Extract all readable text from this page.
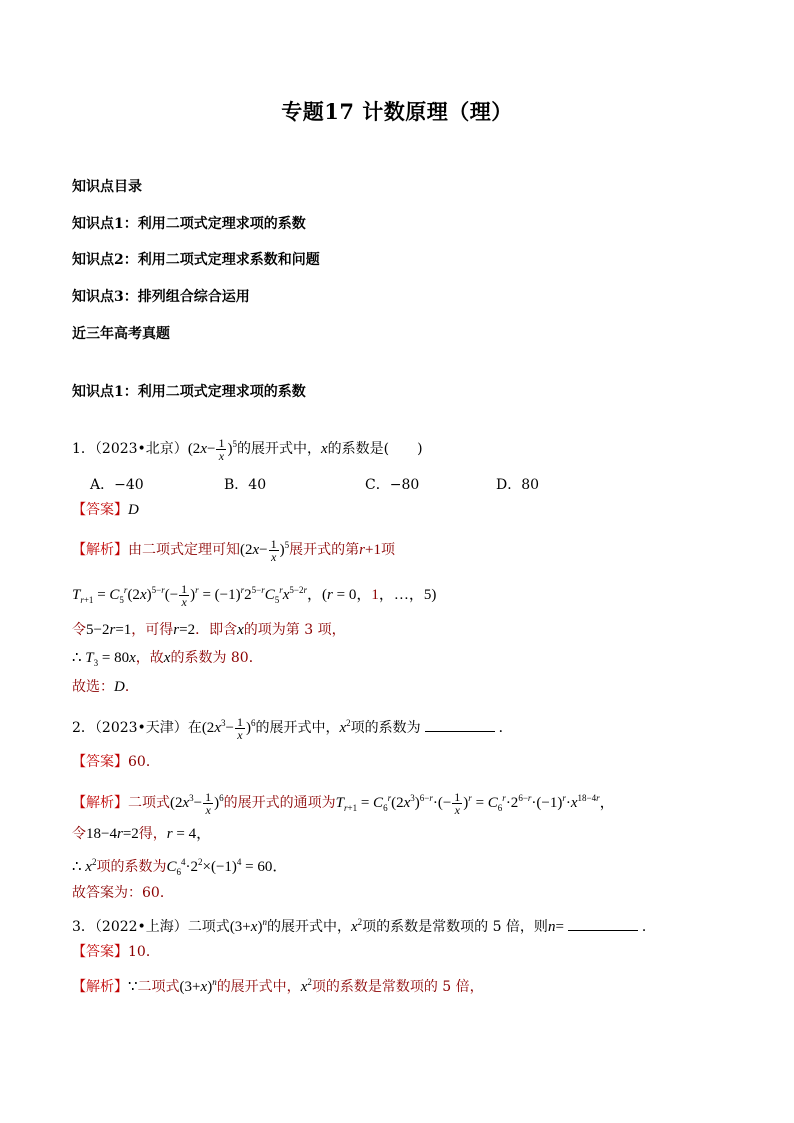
专题17 计数原理（理）
知识点目录
知识点1：利用二项式定理求项的系数
知识点2：利用二项式定理求系数和问题
知识点3：排列组合综合运用
近三年高考真题
知识点1：利用二项式定理求项的系数
1．（2023•北京）$(2x- \frac{1}{x} )^5$的展开式中，x的系数是(　　)
A．−40	B．40	C．−80	D．80
【答案】D
【解析】由二项式定理可知$(2x- \frac{1}{x} )^5$展开式的第r+1项
$T_{r+1} = C_5^r(2x)^{5-r}(- \frac{1}{x} )^r = (-1)^r2^{5-r}C_5^rx^{5-2r}$，(r = 0，1，…，5)
令5−2r=1，可得r=2．即含x的项为第 3 项，
∴ $T_3 = 80x$，故x的系数为 80．
故选：D．
2．（2023•天津）在$(2x^3- \frac{1}{x} )^6$的展开式中，$x^2$项的系数为	．
【答案】60．
【解析】二项式$(2x^3- \frac{1}{x} )^6$的展开式的通项为$T_{r+1} = C_6^r(2x^3)^{6-r}\cdot(- \frac{1}{x} )^r = C_6^r\cdot 2^{6-r}\cdot(-1)^r\cdot x^{18-4r}$，
令18−4r=2得，r = 4，
∴ $x^2$项的系数为$C_6^4\cdot 2^2\times(-1)^4 = 60$．
故答案为：60．
3．（2022•上海）二项式$(3+x)^n$的展开式中，$x^2$项的系数是常数项的 5 倍，则n=	．
【答案】10．
【解析】∵二项式$(3+x)^n$的展开式中，$x^2$项的系数是常数项的 5 倍，
